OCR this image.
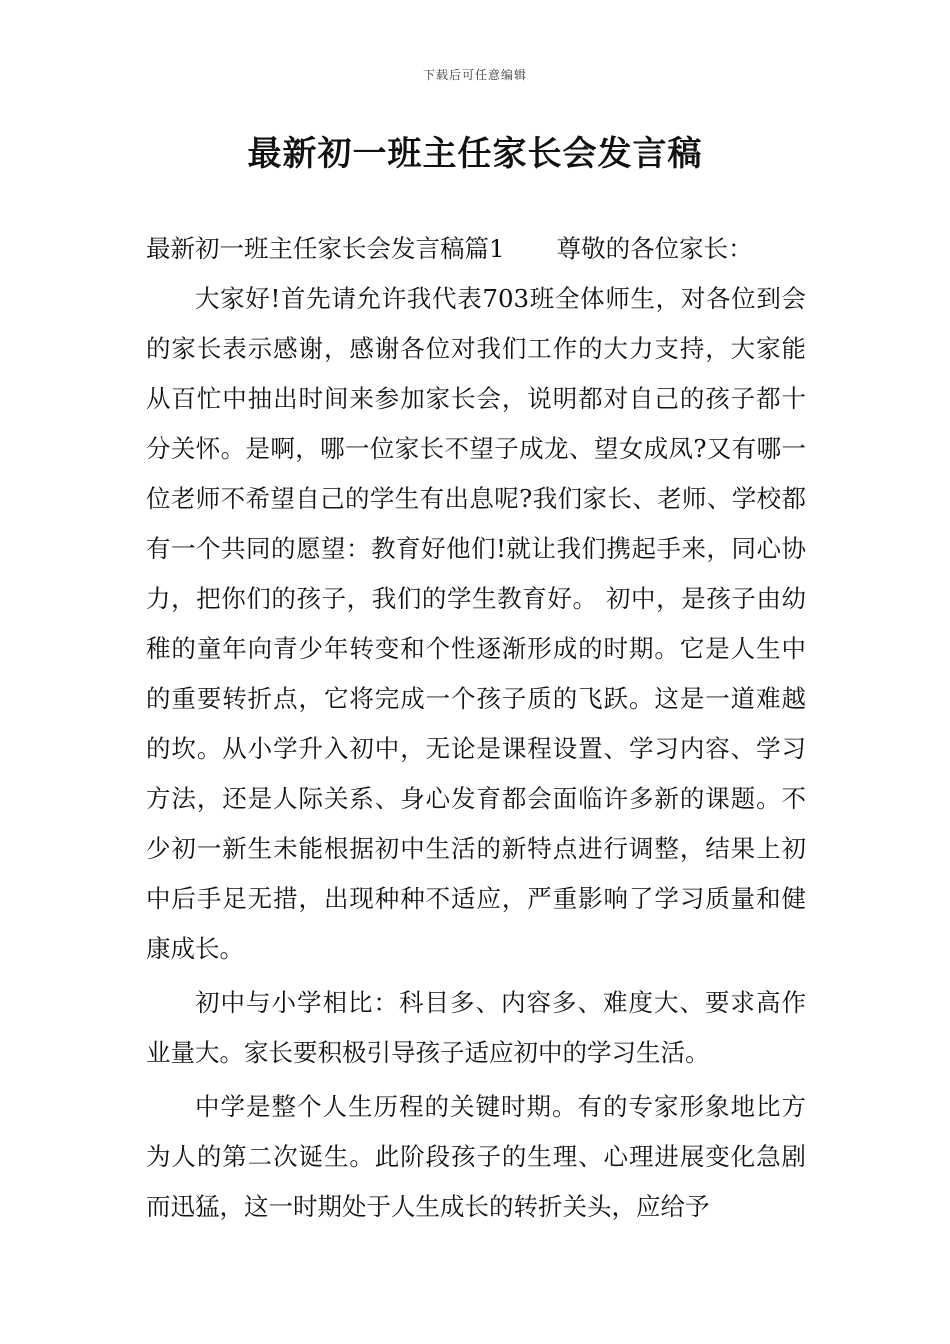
下载后可任意编辑
最新初一班主任家长会发言稿

最新初一班主任家长会发言稿篇1 尊敬的各位家长：

大家好!首先请允许我代表703班全体师生，对各位到会的家长表示感谢，感谢各位对我们工作的大力支持，大家能从百忙中抽出时间来参加家长会，说明都对自己的孩子都十分关怀。是啊，哪一位家长不望子成龙、望女成凤?又有哪一位老师不希望自己的学生有出息呢?我们家长、老师、学校都有一个共同的愿望：教育好他们!就让我们携起手来，同心协力，把你们的孩子，我们的学生教育好。 初中，是孩子由幼稚的童年向青少年转变和个性逐渐形成的时期。它是人生中的重要转折点，它将完成一个孩子质的飞跃。这是一道难越的坎。从小学升入初中，无论是课程设置、学习内容、学习方法，还是人际关系、身心发育都会面临许多新的课题。不少初一新生未能根据初中生活的新特点进行调整，结果上初中后手足无措，出现种种不适应，严重影响了学习质量和健康成长。

初中与小学相比：科目多、内容多、难度大、要求高作业量大。家长要积极引导孩子适应初中的学习生活。

中学是整个人生历程的关键时期。有的专家形象地比方为人的第二次诞生。此阶段孩子的生理、心理进展变化急剧而迅猛，这一时期处于人生成长的转折关头，应给予
